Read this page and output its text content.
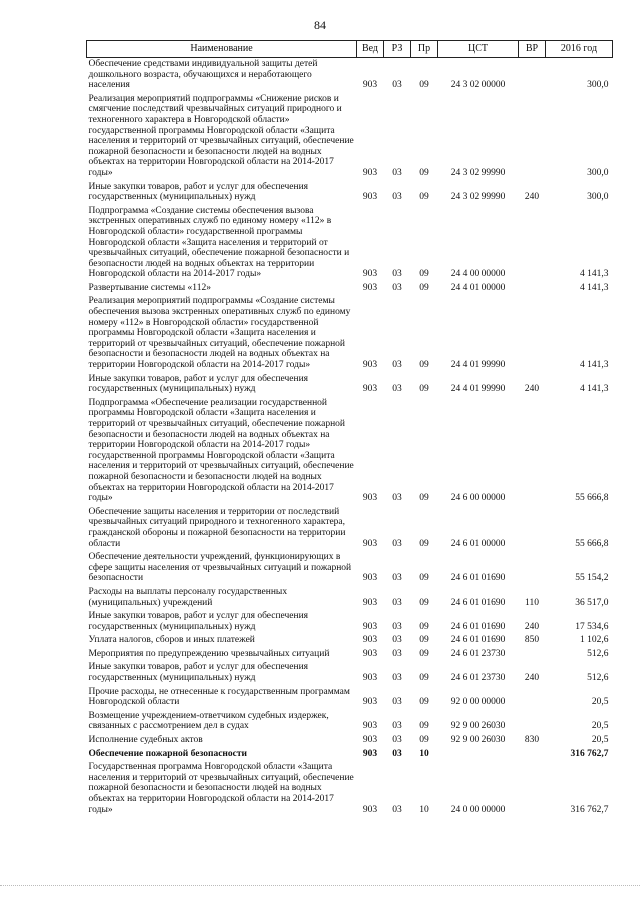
84
Наименование	Вед	РЗ	Пр	ЦСТ	ВР	2016 год
Обеспечение средствами индивидуальной защиты детей дошкольного возраста, обучающихся и неработающего населения	903	03	09	24 3 02 00000		300,0
Реализация мероприятий подпрограммы «Снижение рисков и смягчение последствий чрезвычайных ситуаций природного и техногенного характера в Новгородской области» государственной программы Новгородской области «Защита населения и территорий от чрезвычайных ситуаций, обеспечение пожарной безопасности и безопасности людей на водных объектах на территории Новгородской области на 2014-2017 годы»	903	03	09	24 3 02 99990		300,0
Иные закупки товаров, работ и услуг для обеспечения государственных (муниципальных) нужд	903	03	09	24 3 02 99990	240	300,0
Подпрограмма «Создание системы обеспечения вызова экстренных оперативных служб по единому номеру «112» в Новгородской области» государственной программы Новгородской области «Защита населения и территорий от чрезвычайных ситуаций, обеспечение пожарной безопасности и безопасности людей на водных объектах на территории Новгородской области на 2014-2017 годы»	903	03	09	24 4 00 00000		4 141,3
Развертывание системы «112»	903	03	09	24 4 01 00000		4 141,3
Реализация мероприятий подпрограммы «Создание системы обеспечения вызова экстренных оперативных служб по единому номеру «112» в Новгородской области» государственной программы Новгородской области «Защита населения и территорий от чрезвычайных ситуаций, обеспечение пожарной безопасности и безопасности людей на водных объектах на территории Новгородской области на 2014-2017 годы»	903	03	09	24 4 01 99990		4 141,3
Иные закупки товаров, работ и услуг для обеспечения государственных (муниципальных) нужд	903	03	09	24 4 01 99990	240	4 141,3
Подпрограмма «Обеспечение реализации государственной программы Новгородской области «Защита населения и территорий от чрезвычайных ситуаций, обеспечение пожарной безопасности и безопасности людей на водных объектах на территории Новгородской области на 2014-2017 годы» государственной программы Новгородской области «Защита населения и территорий от чрезвычайных ситуаций, обеспечение пожарной безопасности и безопасности людей на водных объектах на территории Новгородской области на 2014-2017 годы»	903	03	09	24 6 00 00000		55 666,8
Обеспечение защиты населения и территории от последствий чрезвычайных ситуаций природного и техногенного характера, гражданской обороны и пожарной безопасности на территории области	903	03	09	24 6 01 00000		55 666,8
Обеспечение деятельности учреждений, функционирующих в сфере защиты населения от чрезвычайных ситуаций и пожарной безопасности	903	03	09	24 6 01 01690		55 154,2
Расходы на выплаты персоналу государственных (муниципальных) учреждений	903	03	09	24 6 01 01690	110	36 517,0
Иные закупки товаров, работ и услуг для обеспечения государственных (муниципальных) нужд	903	03	09	24 6 01 01690	240	17 534,6
Уплата налогов, сборов и иных платежей	903	03	09	24 6 01 01690	850	1 102,6
Мероприятия по предупреждению чрезвычайных ситуаций	903	03	09	24 6 01 23730		512,6
Иные закупки товаров, работ и услуг для обеспечения государственных (муниципальных) нужд	903	03	09	24 6 01 23730	240	512,6
Прочие расходы, не отнесенные к государственным программам Новгородской области	903	03	09	92 0 00 00000		20,5
Возмещение учреждением-ответчиком судебных издержек, связанных с рассмотрением дел в судах	903	03	09	92 9 00 26030		20,5
Исполнение судебных актов	903	03	09	92 9 00 26030	830	20,5
Обеспечение пожарной безопасности	903	03	10			316 762,7
Государственная программа Новгородской области «Защита населения и территорий от чрезвычайных ситуаций, обеспечение пожарной безопасности и безопасности людей на водных объектах на территории Новгородской области на 2014-2017 годы»	903	03	10	24 0 00 00000		316 762,7
